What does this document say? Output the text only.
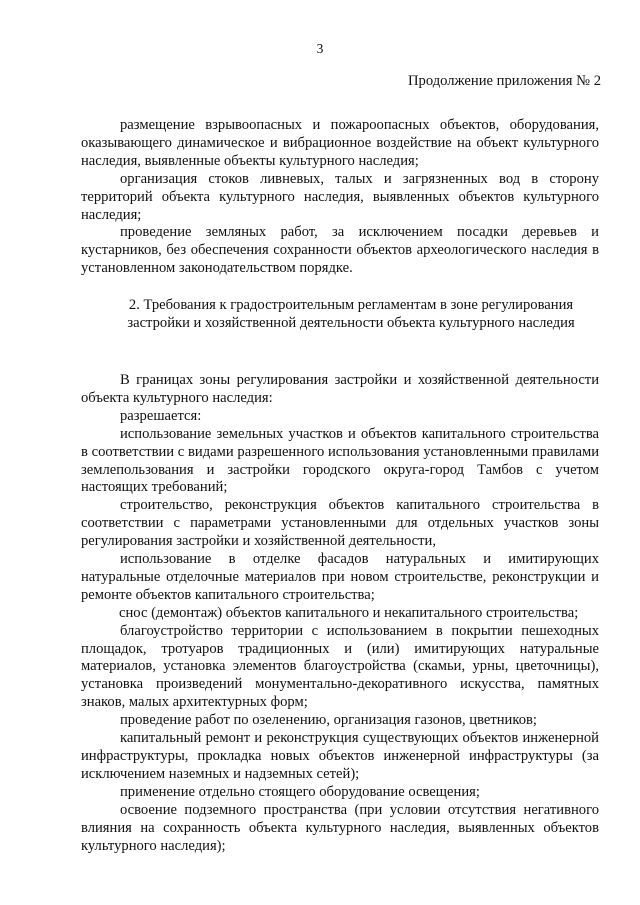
3
Продолжение приложения № 2

размещение взрывоопасных и пожароопасных объектов, оборудования, оказывающего динамическое и вибрационное воздействие на объект культурного наследия, выявленные объекты культурного наследия;

организация стоков ливневых, талых и загрязненных вод в сторону территорий объекта культурного наследия, выявленных объектов культурного наследия;

проведение земляных работ, за исключением посадки деревьев и кустарников, без обеспечения сохранности объектов археологического наследия в установленном законодательством порядке.

2. Требования к градостроительным регламентам в зоне регулирования
застройки и хозяйственной деятельности объекта культурного наследия

В границах зоны регулирования застройки и хозяйственной деятельности объекта культурного наследия:

разрешается:

использование земельных участков и объектов капитального строительства в соответствии с видами разрешенного использования установленными правилами землепользования и застройки городского округа-город Тамбов с учетом настоящих требований;

строительство, реконструкция объектов капитального строительства в соответствии с параметрами установленными для отдельных участков зоны регулирования застройки и хозяйственной деятельности,

использование в отделке фасадов натуральных и имитирующих натуральные отделочные материалов при новом строительстве, реконструкции и ремонте объектов капитального строительства;

снос (демонтаж) объектов капитального и некапитального строительства;

благоустройство территории с использованием в покрытии пешеходных площадок, тротуаров традиционных и (или) имитирующих натуральные материалов, установка элементов благоустройства (скамьи, урны, цветочницы), установка произведений монументально-декоративного искусства, памятных знаков, малых архитектурных форм;

проведение работ по озеленению, организация газонов, цветников;

капитальный ремонт и реконструкция существующих объектов инженерной инфраструктуры, прокладка новых объектов инженерной инфраструктуры (за исключением наземных и надземных сетей);

применение отдельно стоящего оборудование освещения;

освоение подземного пространства (при условии отсутствия негативного влияния на сохранность объекта культурного наследия, выявленных объектов культурного наследия);
